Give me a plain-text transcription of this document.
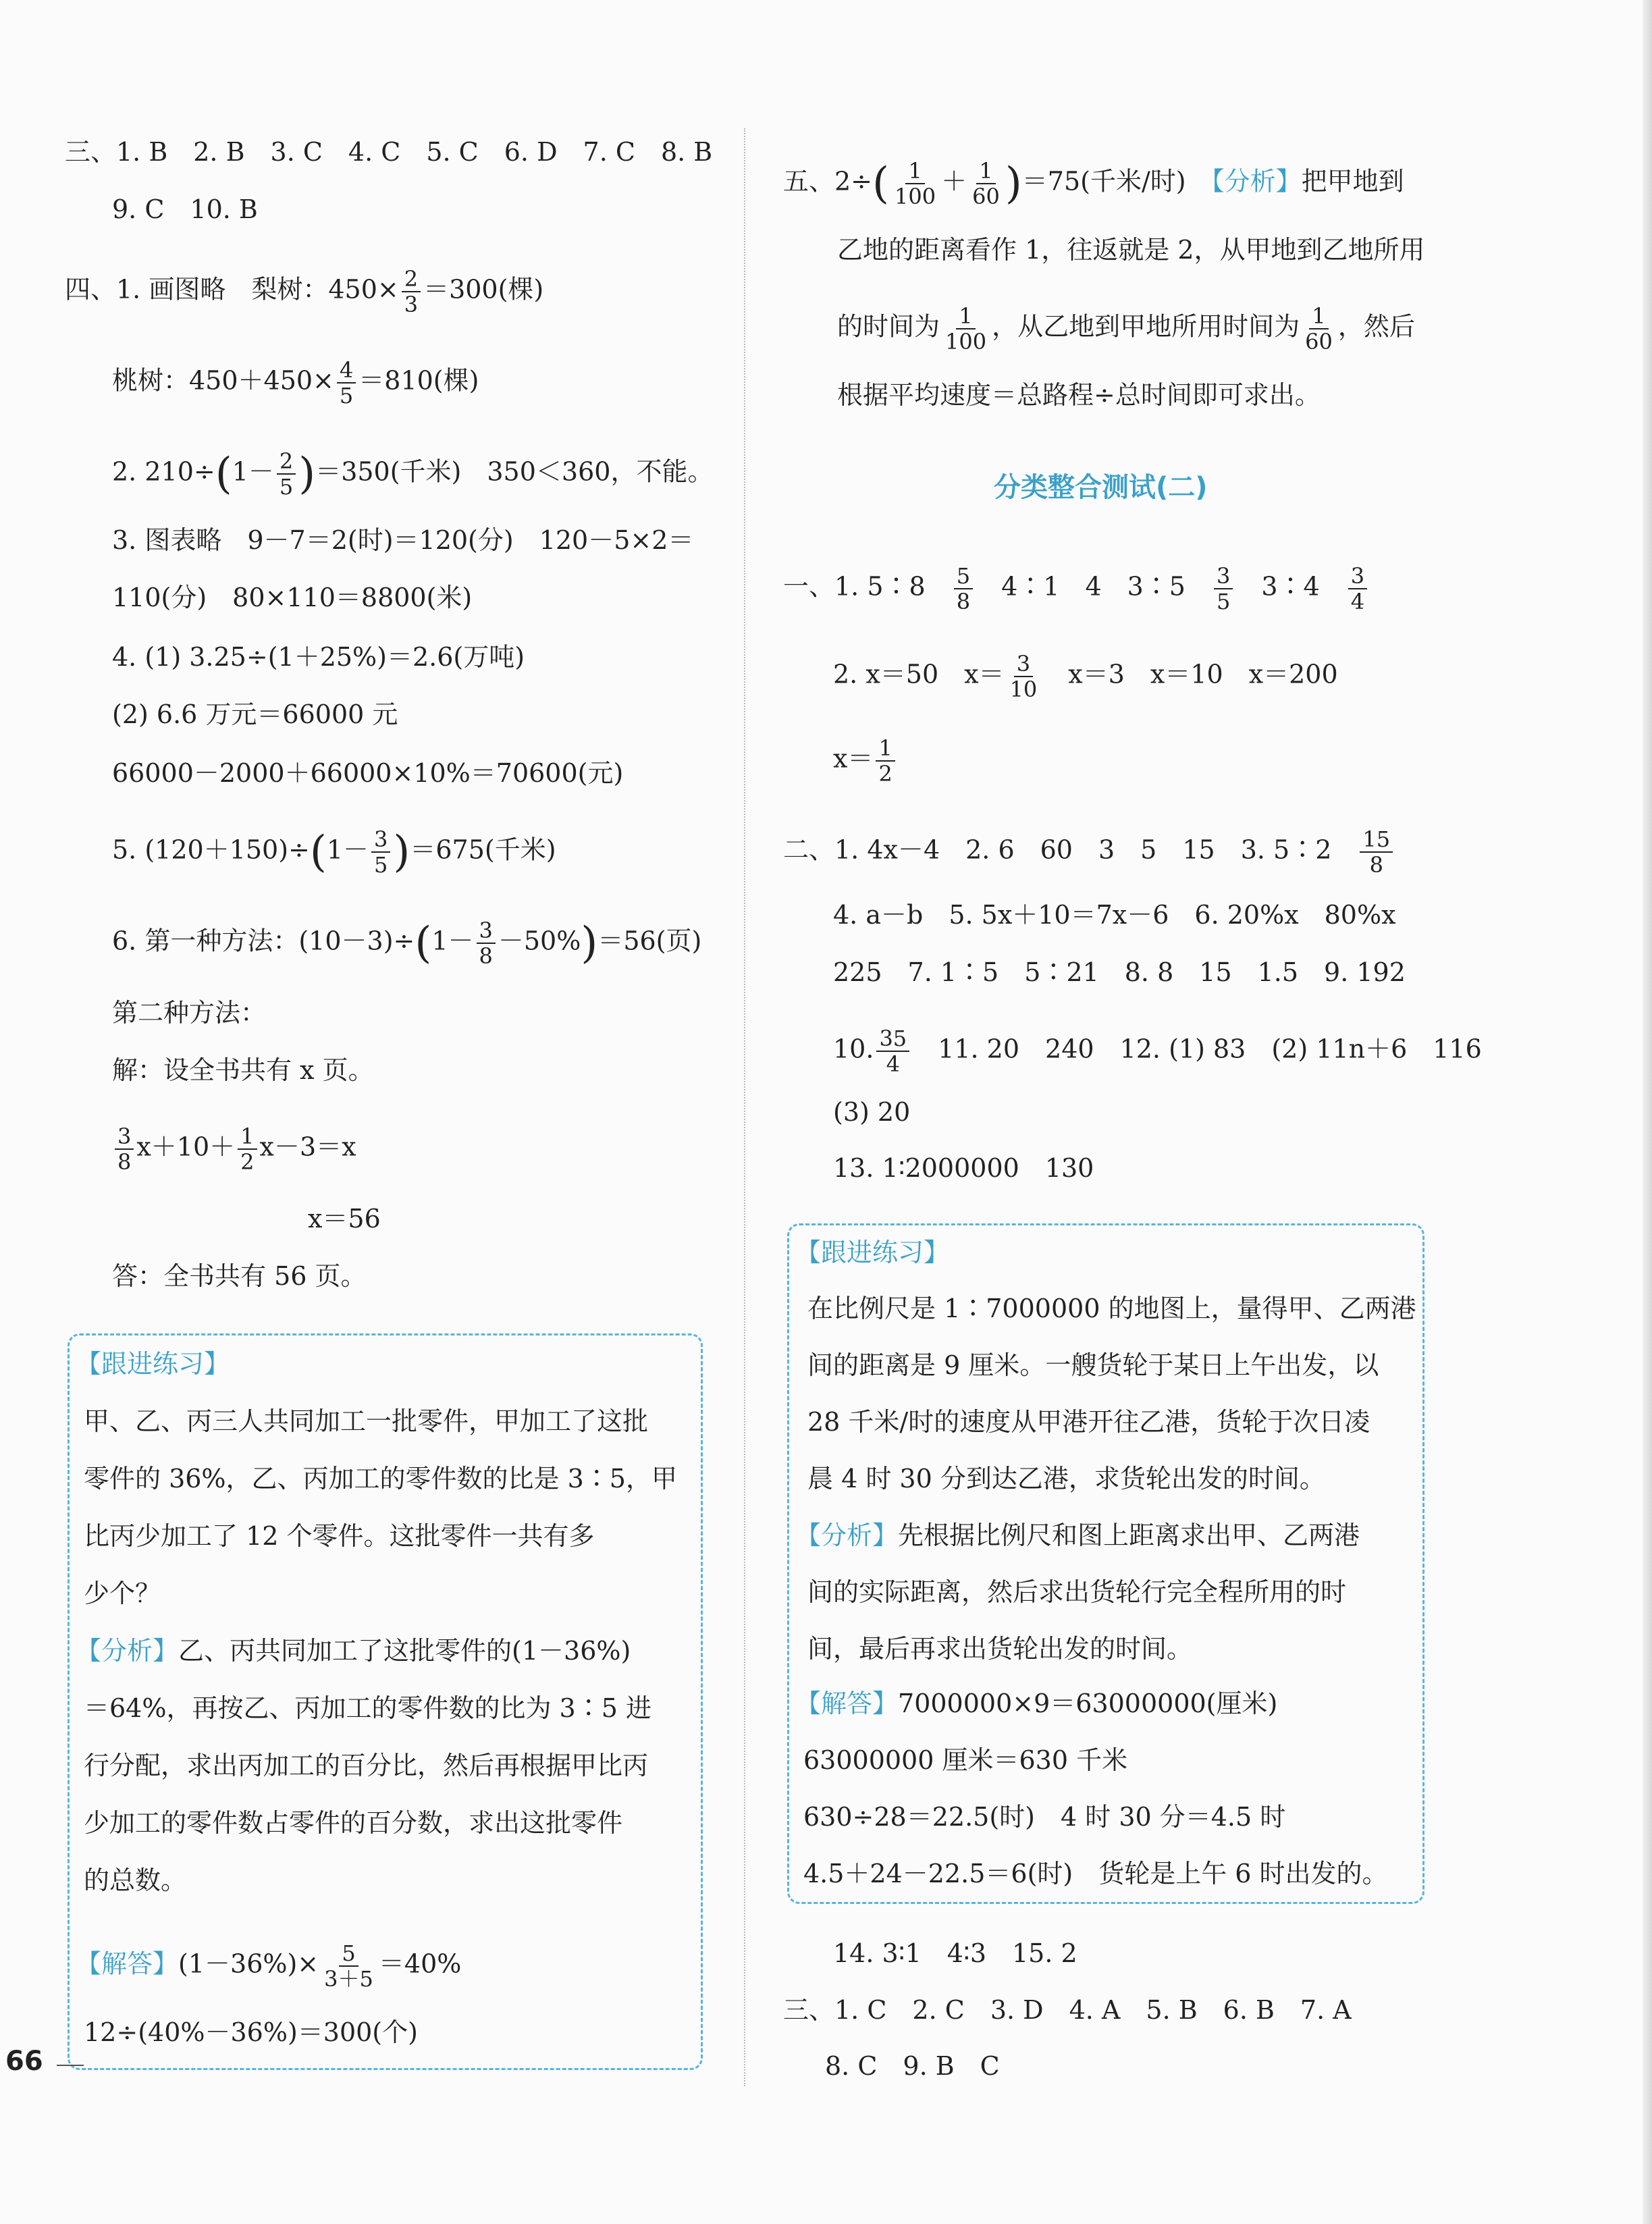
三、1. B　2. B　3. C　4. C　5. C　6. D　7. C　8. B
9. C　10. B
四、1. 画图略　梨树：$450\times \frac{2}{3} =300$(棵)
桃树：$450+450\times \frac{4}{5} =810$(棵)
2. $210\div(1- \frac{2}{5} )=350$(千米)　350＜360，不能。
3. 图表略　9－7＝2(时)＝120(分)　120－5×2＝
110(分)　80×110＝8800(米)
4. (1) 3.25÷(1＋25%)＝2.6(万吨)
(2) 6.6 万元＝66000 元
66000－2000＋66000×10%＝70600(元)
5. $(120+150)\div(1- \frac{3}{5} )=675$(千米)
6. 第一种方法：$(10-3)\div(1- \frac{3}{8} -50\%)=56$(页)
第二种方法：
解：设全书共有 x 页。
$\frac{3}{8} x+10+ \frac{1}{2} x-3=x$
x＝56
答：全书共有 56 页。
【跟进练习】
甲、乙、丙三人共同加工一批零件，甲加工了这批
零件的 36%，乙、丙加工的零件数的比是 3∶5，甲
比丙少加工了 12 个零件。这批零件一共有多
少个？
【分析】乙、丙共同加工了这批零件的(1－36%)
＝64%，再按乙、丙加工的零件数的比为 3∶5 进
行分配，求出丙加工的百分比，然后再根据甲比丙
少加工的零件数占零件的百分数，求出这批零件
的总数。
【解答】$(1-36\%)\times \frac{5}{3+5} =40\%$
12÷(40%－36%)＝300(个)
五、$2\div( \frac{1}{100} + \frac{1}{60} )=75$(千米/时)　 【分析】把甲地到
乙地的距离看作 1，往返就是 2，从甲地到乙地所用
的时间为 $\frac{1}{100}$ ，从乙地到甲地所用时间为 $\frac{1}{60}$ ，然后
根据平均速度＝总路程÷总时间即可求出。
分类整合测试(二)
一、1. 5∶8　 $\frac{5}{8}$
　 4∶1　4　3∶5　 $\frac{3}{5}$
　 3∶4　 $\frac{3}{4}$
2. x＝50　$x= \frac{3}{10}$
　 x＝3　x＝10　x＝200
$x= \frac{1}{2}$
二、1. 4x－4　2. 6　60　3　5　15　3. 5∶2　 $\frac{15}{8}$
4. a－b　5. 5x＋10＝7x－6　6. 20%x　80%x
225　7. 1∶5　5∶21　8. 8　15　1.5　9. 192
10. $\frac{35}{4}$
　 11. 20　240　12. (1) 83　(2) 11n＋6　116
(3) 20
13. 1∶2000000　130
【跟进练习】
在比例尺是 1∶7000000 的地图上，量得甲、乙两港
间的距离是 9 厘米。一艘货轮于某日上午出发，以
28 千米/时的速度从甲港开往乙港，货轮于次日凌
晨 4 时 30 分到达乙港，求货轮出发的时间。
【分析】先根据比例尺和图上距离求出甲、乙两港
间的实际距离，然后求出货轮行完全程所用的时
间，最后再求出货轮出发的时间。
【解答】7000000×9＝63000000(厘米)
63000000 厘米＝630 千米
630÷28＝22.5(时)　4 时 30 分＝4.5 时
4.5＋24－22.5＝6(时)　货轮是上午 6 时出发的。
14. 3∶1　4∶3　15. 2
三、1. C　2. C　3. D　4. A　5. B　6. B　7. A
8. C　9. B　C
66
